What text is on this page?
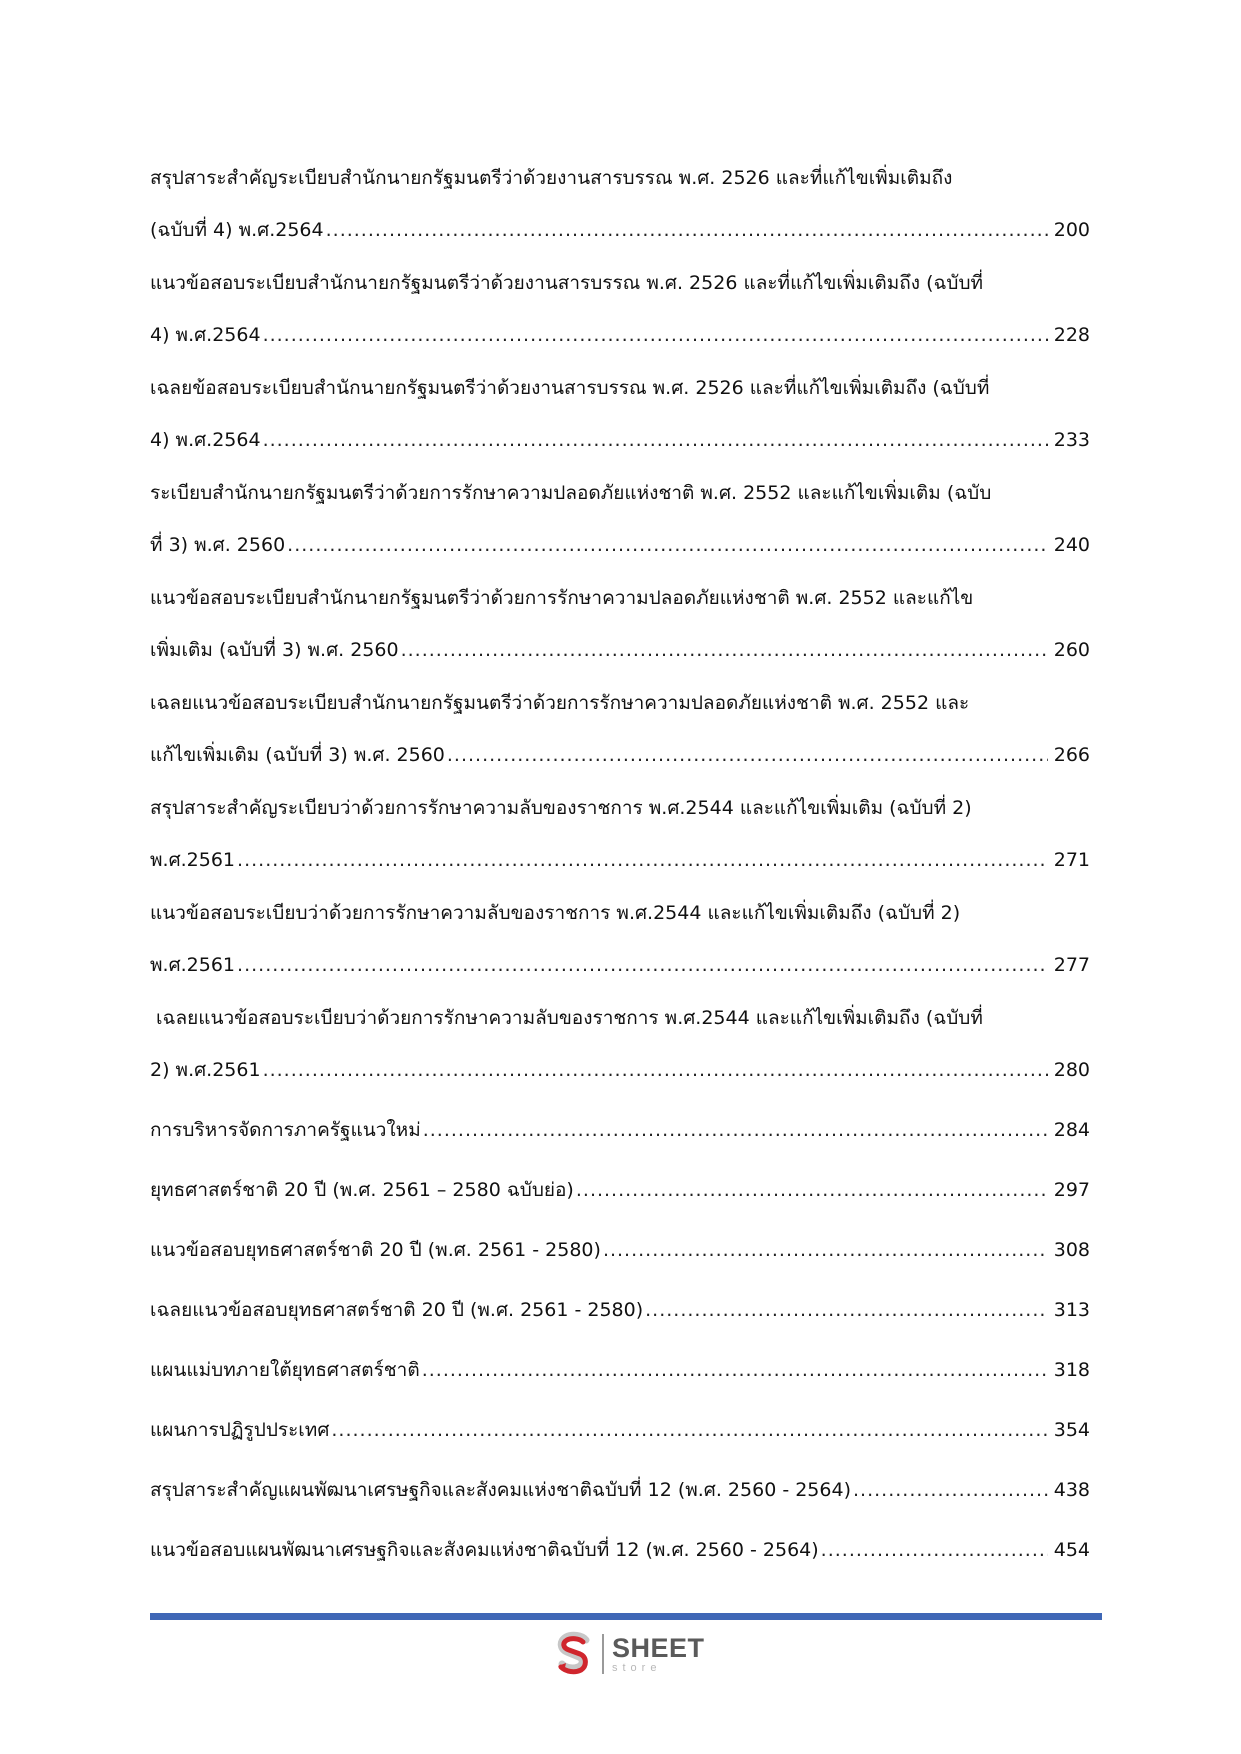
สรุปสาระสำคัญระเบียบสำนักนายกรัฐมนตรีว่าด้วยงานสารบรรณ พ.ศ. 2526 และที่แก้ไขเพิ่มเติมถึง
(ฉบับที่ 4) พ.ศ.2564 .....	200
แนวข้อสอบระเบียบสำนักนายกรัฐมนตรีว่าด้วยงานสารบรรณ พ.ศ. 2526 และที่แก้ไขเพิ่มเติมถึง (ฉบับที่
4) พ.ศ.2564 .....	228
เฉลยข้อสอบระเบียบสำนักนายกรัฐมนตรีว่าด้วยงานสารบรรณ พ.ศ. 2526 และที่แก้ไขเพิ่มเติมถึง (ฉบับที่
4) พ.ศ.2564 .....	233
ระเบียบสำนักนายกรัฐมนตรีว่าด้วยการรักษาความปลอดภัยแห่งชาติ พ.ศ. 2552 และแก้ไขเพิ่มเติม (ฉบับ
ที่ 3) พ.ศ. 2560 .....	240
แนวข้อสอบระเบียบสำนักนายกรัฐมนตรีว่าด้วยการรักษาความปลอดภัยแห่งชาติ พ.ศ. 2552 และแก้ไข
เพิ่มเติม (ฉบับที่ 3) พ.ศ. 2560 .....	260
เฉลยแนวข้อสอบระเบียบสำนักนายกรัฐมนตรีว่าด้วยการรักษาความปลอดภัยแห่งชาติ พ.ศ. 2552 และ
แก้ไขเพิ่มเติม (ฉบับที่ 3) พ.ศ. 2560 .....	266
สรุปสาระสำคัญระเบียบว่าด้วยการรักษาความลับของราชการ พ.ศ.2544 และแก้ไขเพิ่มเติม (ฉบับที่ 2)
พ.ศ.2561 .....	271
แนวข้อสอบระเบียบว่าด้วยการรักษาความลับของราชการ พ.ศ.2544 และแก้ไขเพิ่มเติมถึง (ฉบับที่ 2)
พ.ศ.2561 .....	277
เฉลยแนวข้อสอบระเบียบว่าด้วยการรักษาความลับของราชการ พ.ศ.2544 และแก้ไขเพิ่มเติมถึง (ฉบับที่
2) พ.ศ.2561 .....	280
การบริหารจัดการภาครัฐแนวใหม่ .....	284
ยุทธศาสตร์ชาติ 20 ปี (พ.ศ. 2561 – 2580 ฉบับย่อ) .....	297
แนวข้อสอบยุทธศาสตร์ชาติ 20 ปี (พ.ศ. 2561 - 2580) .....	308
เฉลยแนวข้อสอบยุทธศาสตร์ชาติ 20 ปี (พ.ศ. 2561 - 2580) .....	313
แผนแม่บทภายใต้ยุทธศาสตร์ชาติ .....	318
แผนการปฏิรูปประเทศ .....	354
สรุปสาระสำคัญแผนพัฒนาเศรษฐกิจและสังคมแห่งชาติฉบับที่ 12 (พ.ศ. 2560 - 2564) .....	438
แนวข้อสอบแผนพัฒนาเศรษฐกิจและสังคมแห่งชาติฉบับที่ 12 (พ.ศ. 2560 - 2564) .....	454
SHEET
store
